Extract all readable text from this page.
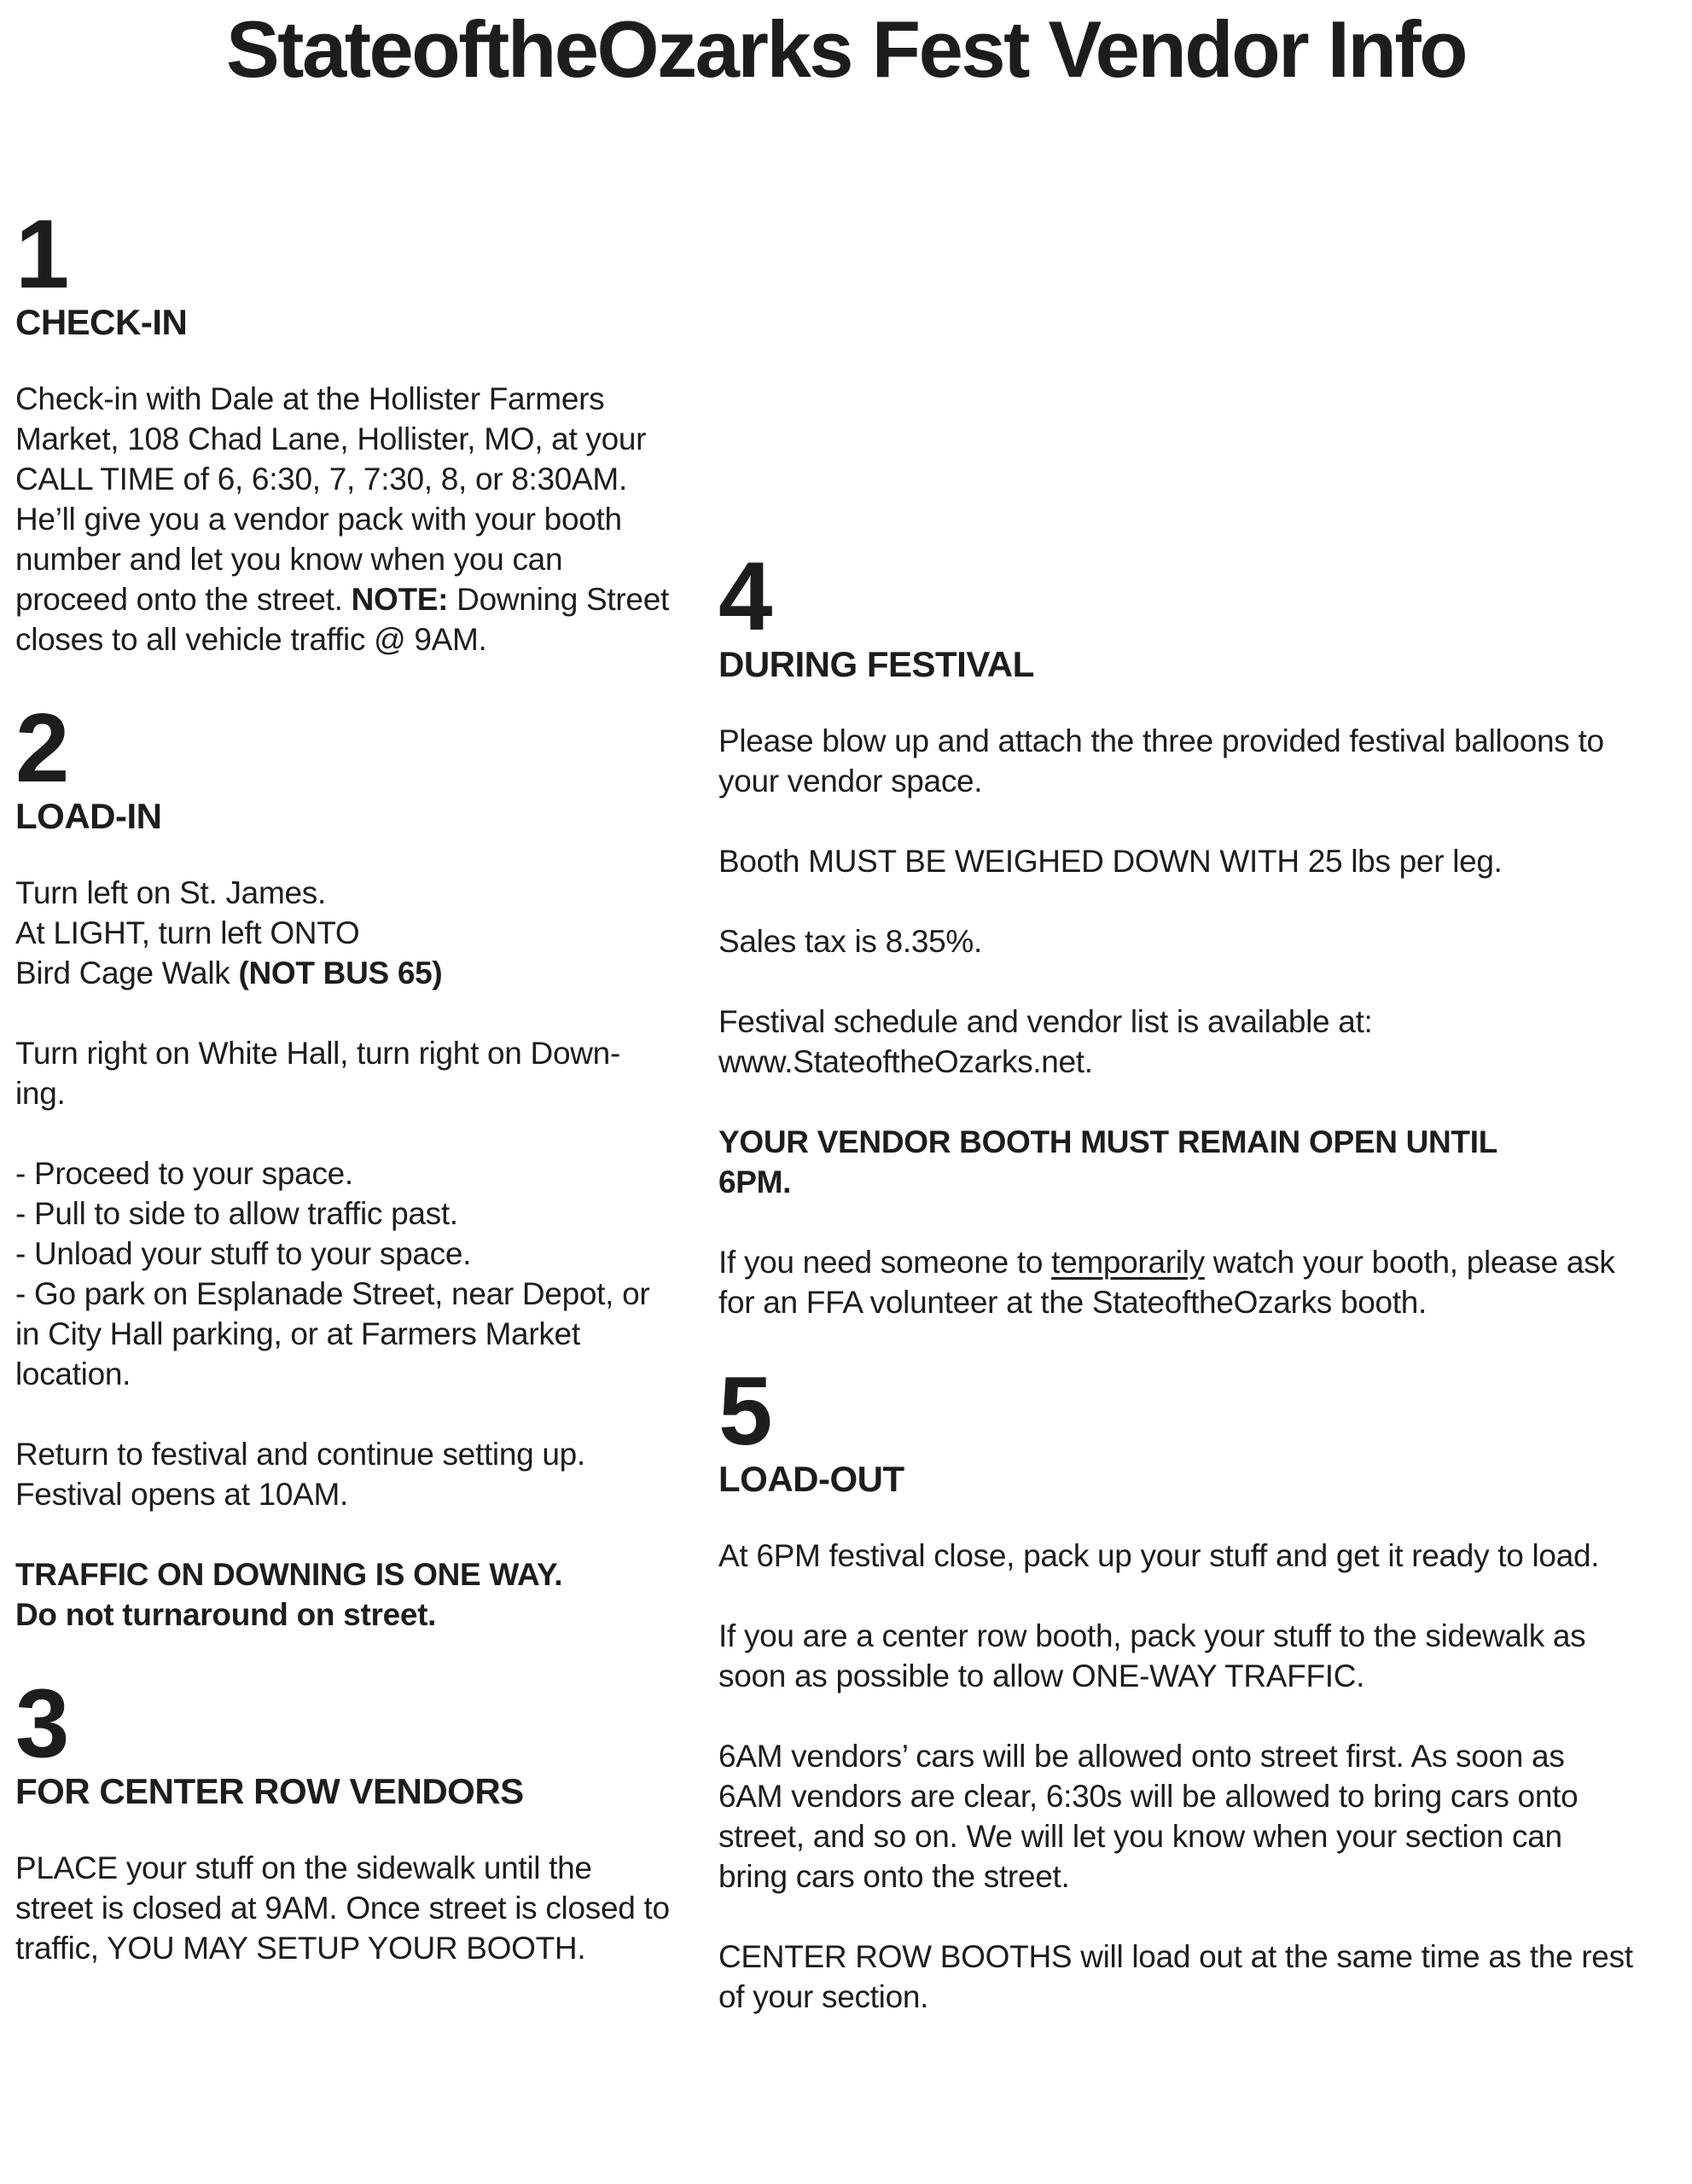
StateoftheOzarks Fest Vendor Info
1
CHECK-IN

Check-in with Dale at the Hollister Farmers Market, 108 Chad Lane, Hollister, MO, at your CALL TIME of 6, 6:30, 7, 7:30, 8, or 8:30AM. He’ll give you a vendor pack with your booth number and let you know when you can proceed onto the street. NOTE: Downing Street closes to all vehicle traffic @ 9AM.

2
LOAD-IN

Turn left on St. James.
At LIGHT, turn left ONTO
Bird Cage Walk (NOT BUS 65)

Turn right on White Hall, turn right on Down-
ing.

- Proceed to your space.
- Pull to side to allow traffic past.
- Unload your stuff to your space.
- Go park on Esplanade Street, near Depot, or in City Hall parking, or at Farmers Market location.

Return to festival and continue setting up.
Festival opens at 10AM.

TRAFFIC ON DOWNING IS ONE WAY.
Do not turnaround on street.

3
FOR CENTER ROW VENDORS

PLACE your stuff on the sidewalk until the street is closed at 9AM. Once street is closed to traffic, YOU MAY SETUP YOUR BOOTH.

4
DURING FESTIVAL

Please blow up and attach the three provided festival balloons to your vendor space.

Booth MUST BE WEIGHED DOWN WITH 25 lbs per leg.

Sales tax is 8.35%.

Festival schedule and vendor list is available at:
www.StateoftheOzarks.net.

YOUR VENDOR BOOTH MUST REMAIN OPEN UNTIL
6PM.

If you need someone to temporarily watch your booth, please ask for an FFA volunteer at the StateoftheOzarks booth.

5
LOAD-OUT

At 6PM festival close, pack up your stuff and get it ready to load.

If you are a center row booth, pack your stuff to the sidewalk as soon as possible to allow ONE-WAY TRAFFIC.

6AM vendors’ cars will be allowed onto street first. As soon as 6AM vendors are clear, 6:30s will be allowed to bring cars onto street, and so on. We will let you know when your section can bring cars onto the street.

CENTER ROW BOOTHS will load out at the same time as the rest of your section.
